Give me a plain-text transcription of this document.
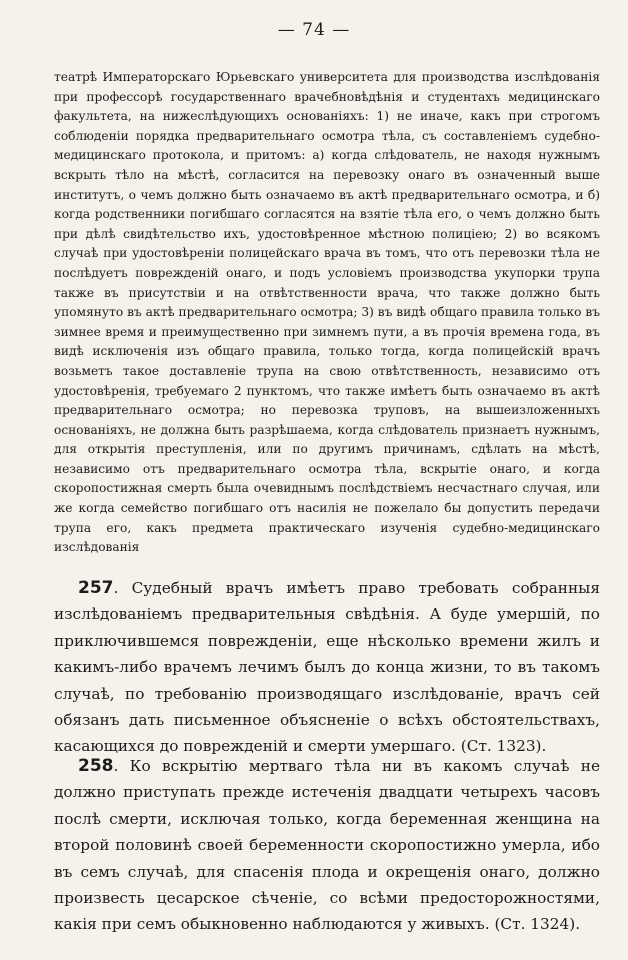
— 74 —

театрѣ Императорскаго Юрьевскаго университета для производства изслѣдованія при профессорѣ государственнаго врачебновѣдѣнія и студентахъ медицинскаго факультета, на нижеслѣдующихъ основаніяхъ: 1) не иначе, какъ при строгомъ соблюденіи порядка предварительнаго осмотра тѣла, съ составленіемъ судебно-медицинскаго протокола, и притомъ: а) когда слѣдователь, не находя нужнымъ вскрыть тѣло на мѣстѣ, согласится на перевозку онаго въ означенный выше институтъ, о чемъ должно быть означаемо въ актѣ предварительнаго осмотра, и б) когда родственники погибшаго согласятся на взятіе тѣла его, о чемъ должно быть при дѣлѣ свидѣтельство ихъ, удостовѣренное мѣстною полиціею; 2) во всякомъ случаѣ при удостовѣреніи полицейскаго врача въ томъ, что отъ перевозки тѣла не послѣдуетъ поврежденій онаго, и подъ условіемъ производства укупорки трупа также въ присутствіи и на отвѣтственности врача, что также должно быть упомянуто въ актѣ предварительнаго осмотра; 3) въ видѣ общаго правила только въ зимнее время и преимущественно при зимнемъ пути, а въ прочія времена года, въ видѣ исключенія изъ общаго правила, только тогда, когда полицейскій врачъ возьметъ такое доставленіе трупа на свою отвѣтственность, независимо отъ удостовѣренія, требуемаго 2 пунктомъ, что также имѣетъ быть означаемо въ актѣ предварительнаго осмотра; но перевозка труповъ, на вышеизложенныхъ основаніяхъ, не должна быть разрѣшаема, когда слѣдователь признаетъ нужнымъ, для открытія преступленія, или по другимъ причинамъ, сдѣлать на мѣстѣ, независимо отъ предварительнаго осмотра тѣла, вскрытіе онаго, и когда скоропостижная смерть была очевиднымъ послѣдствіемъ несчастнаго случая, или же когда семейство погибшаго отъ насилія не пожелало бы допустить передачи трупа его, какъ предмета практическаго изученія судебно-медицинскаго изслѣдованія

257. Судебный врачъ имѣетъ право требовать собранныя изслѣдованіемъ предварительныя свѣдѣнія. А буде умершій, по приключившемся поврежденіи, еще нѣсколько времени жилъ и какимъ-либо врачемъ лечимъ былъ до конца жизни, то въ такомъ случаѣ, по требованію производящаго изслѣдованіе, врачъ сей обязанъ дать письменное объясненіе о всѣхъ обстоятельствахъ, касающихся до поврежденій и смерти умершаго. (Ст. 1323).

258. Ко вскрытію мертваго тѣла ни въ какомъ случаѣ не должно приступать прежде истеченія двадцати четырехъ часовъ послѣ смерти, исключая только, когда беременная женщина на второй половинѣ своей беременности скоропостижно умерла, ибо въ семъ случаѣ, для спасенія плода и окрещенія онаго, должно произвесть цесарское сѣченіе, со всѣми предосторожностями, какія при семъ обыкновенно наблюдаются у живыхъ. (Ст. 1324).
